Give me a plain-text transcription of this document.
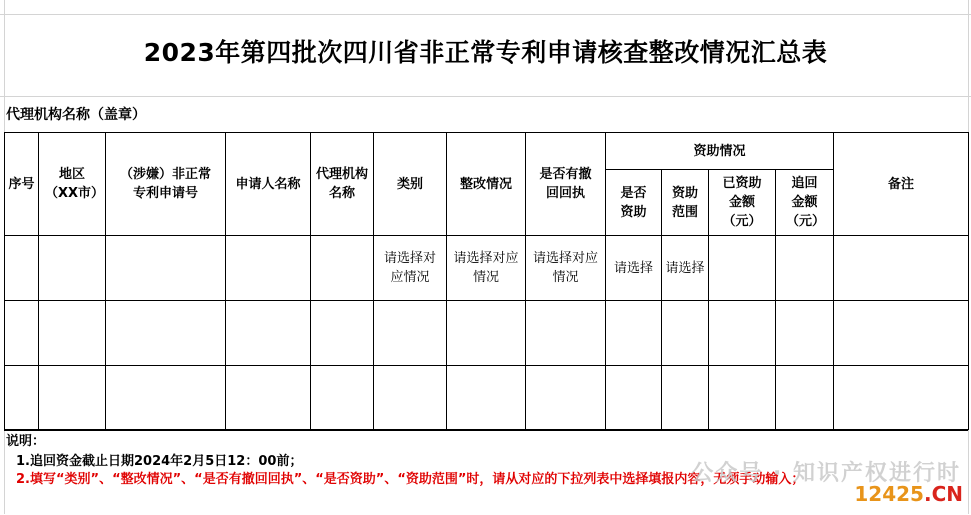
2023年第四批次四川省非正常专利申请核查整改情况汇总表
代理机构名称（盖章）
序号	地区（XX市）	（涉嫌）非正常专利申请号	申请人名称	代理机构名称	类别	整改情况	是否有撤回回执	资助情况				备注

								是否资助	资助范围	已资助金额（元）	追回金额（元）	

					请选择对应情况	请选择对应情况	请选择对应情况	请选择	请选择			

说明：
1.追回资金截止日期2024年2月5日12：00前；
2.填写“类别”、“整改情况”、“是否有撤回回执”、“是否资助”、“资助范围”时，请从对应的下拉列表中选择填报内容，无须手动输入；
公众号 · 知识产权进行时
12425.CN
